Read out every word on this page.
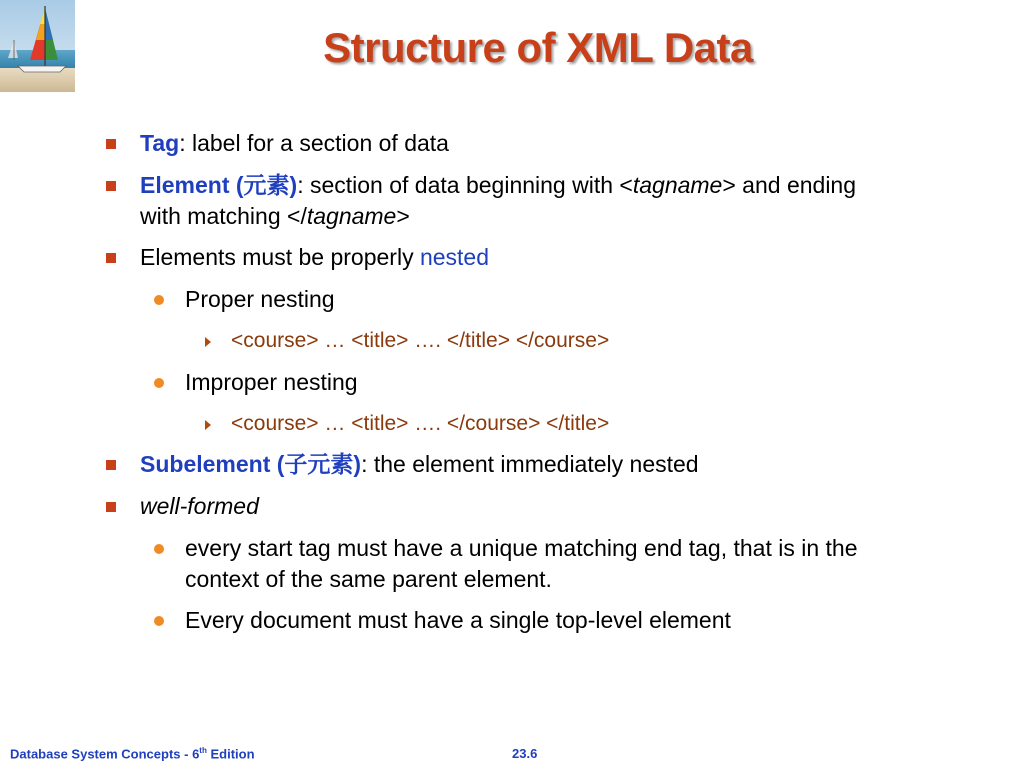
Structure of XML Data
Tag: label for a section of data
Element (元素): section of data beginning with <tagname> and ending
with matching </tagname>
Elements must be properly nested
Proper nesting
<course> … <title> …. </title> </course>
Improper nesting
<course> … <title> …. </course> </title>
Subelement (子元素): the element immediately nested
well-formed
every start tag must have a unique matching end tag, that is in the
context of the same parent element.
Every document must have a single top-level element
Database System Concepts - 6th Edition	23.6
